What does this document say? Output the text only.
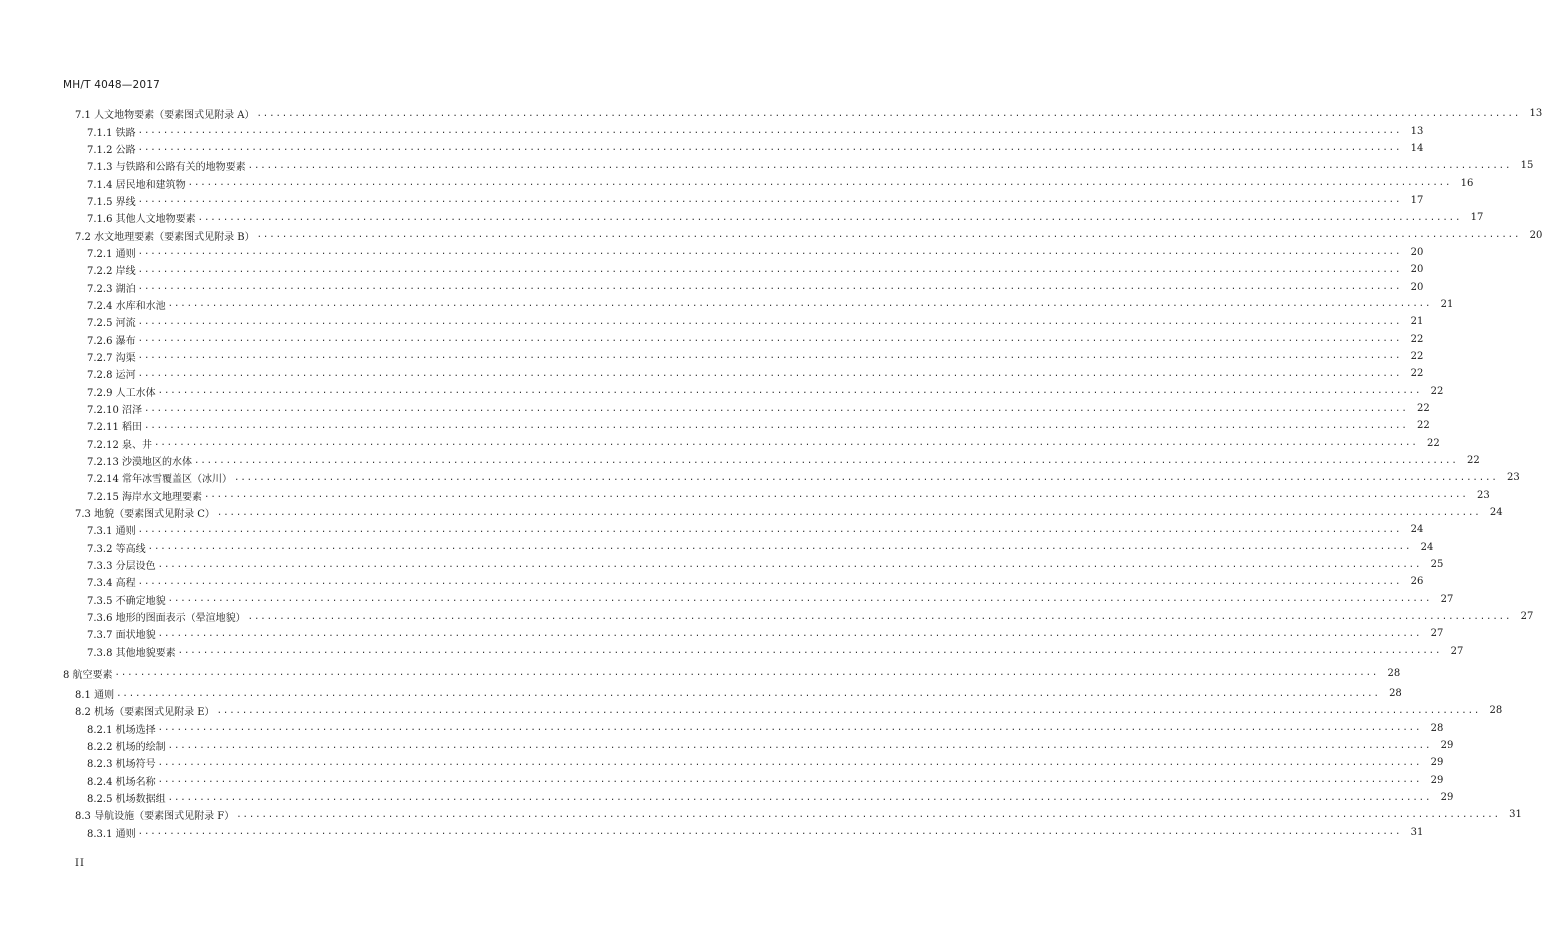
MH/T 4048—2017
7.1 人文地物要素（要素图式见附录 A） ........................................................................................................................................................................................................ 13
7.1.1 铁路 ........................................................................................................................................................................................................ 13
7.1.2 公路 ........................................................................................................................................................................................................ 14
7.1.3 与铁路和公路有关的地物要素 ........................................................................................................................................................................................................ 15
7.1.4 居民地和建筑物 ........................................................................................................................................................................................................ 16
7.1.5 界线 ........................................................................................................................................................................................................ 17
7.1.6 其他人文地物要素 ........................................................................................................................................................................................................ 17
7.2 水文地理要素（要素图式见附录 B） ........................................................................................................................................................................................................ 20
7.2.1 通则 ........................................................................................................................................................................................................ 20
7.2.2 岸线 ........................................................................................................................................................................................................ 20
7.2.3 湖泊 ........................................................................................................................................................................................................ 20
7.2.4 水库和水池 ........................................................................................................................................................................................................ 21
7.2.5 河流 ........................................................................................................................................................................................................ 21
7.2.6 瀑布 ........................................................................................................................................................................................................ 22
7.2.7 沟渠 ........................................................................................................................................................................................................ 22
7.2.8 运河 ........................................................................................................................................................................................................ 22
7.2.9 人工水体 ........................................................................................................................................................................................................ 22
7.2.10 沼泽 ........................................................................................................................................................................................................ 22
7.2.11 稻田 ........................................................................................................................................................................................................ 22
7.2.12 泉、井 ........................................................................................................................................................................................................ 22
7.2.13 沙漠地区的水体 ........................................................................................................................................................................................................ 22
7.2.14 常年冰雪覆盖区（冰川） ........................................................................................................................................................................................................ 23
7.2.15 海岸水文地理要素 ........................................................................................................................................................................................................ 23
7.3 地貌（要素图式见附录 C） ........................................................................................................................................................................................................ 24
7.3.1 通则 ........................................................................................................................................................................................................ 24
7.3.2 等高线 ........................................................................................................................................................................................................ 24
7.3.3 分层设色 ........................................................................................................................................................................................................ 25
7.3.4 高程 ........................................................................................................................................................................................................ 26
7.3.5 不确定地貌 ........................................................................................................................................................................................................ 27
7.3.6 地形的图面表示（晕渲地貌） ........................................................................................................................................................................................................ 27
7.3.7 面状地貌 ........................................................................................................................................................................................................ 27
7.3.8 其他地貌要素 ........................................................................................................................................................................................................ 27
8 航空要素 ........................................................................................................................................................................................................ 28
8.1 通则 ........................................................................................................................................................................................................ 28
8.2 机场（要素图式见附录 E） ........................................................................................................................................................................................................ 28
8.2.1 机场选择 ........................................................................................................................................................................................................ 28
8.2.2 机场的绘制 ........................................................................................................................................................................................................ 29
8.2.3 机场符号 ........................................................................................................................................................................................................ 29
8.2.4 机场名称 ........................................................................................................................................................................................................ 29
8.2.5 机场数据组 ........................................................................................................................................................................................................ 29
8.3 导航设施（要素图式见附录 F） ........................................................................................................................................................................................................ 31
8.3.1 通则 ........................................................................................................................................................................................................ 31
II
